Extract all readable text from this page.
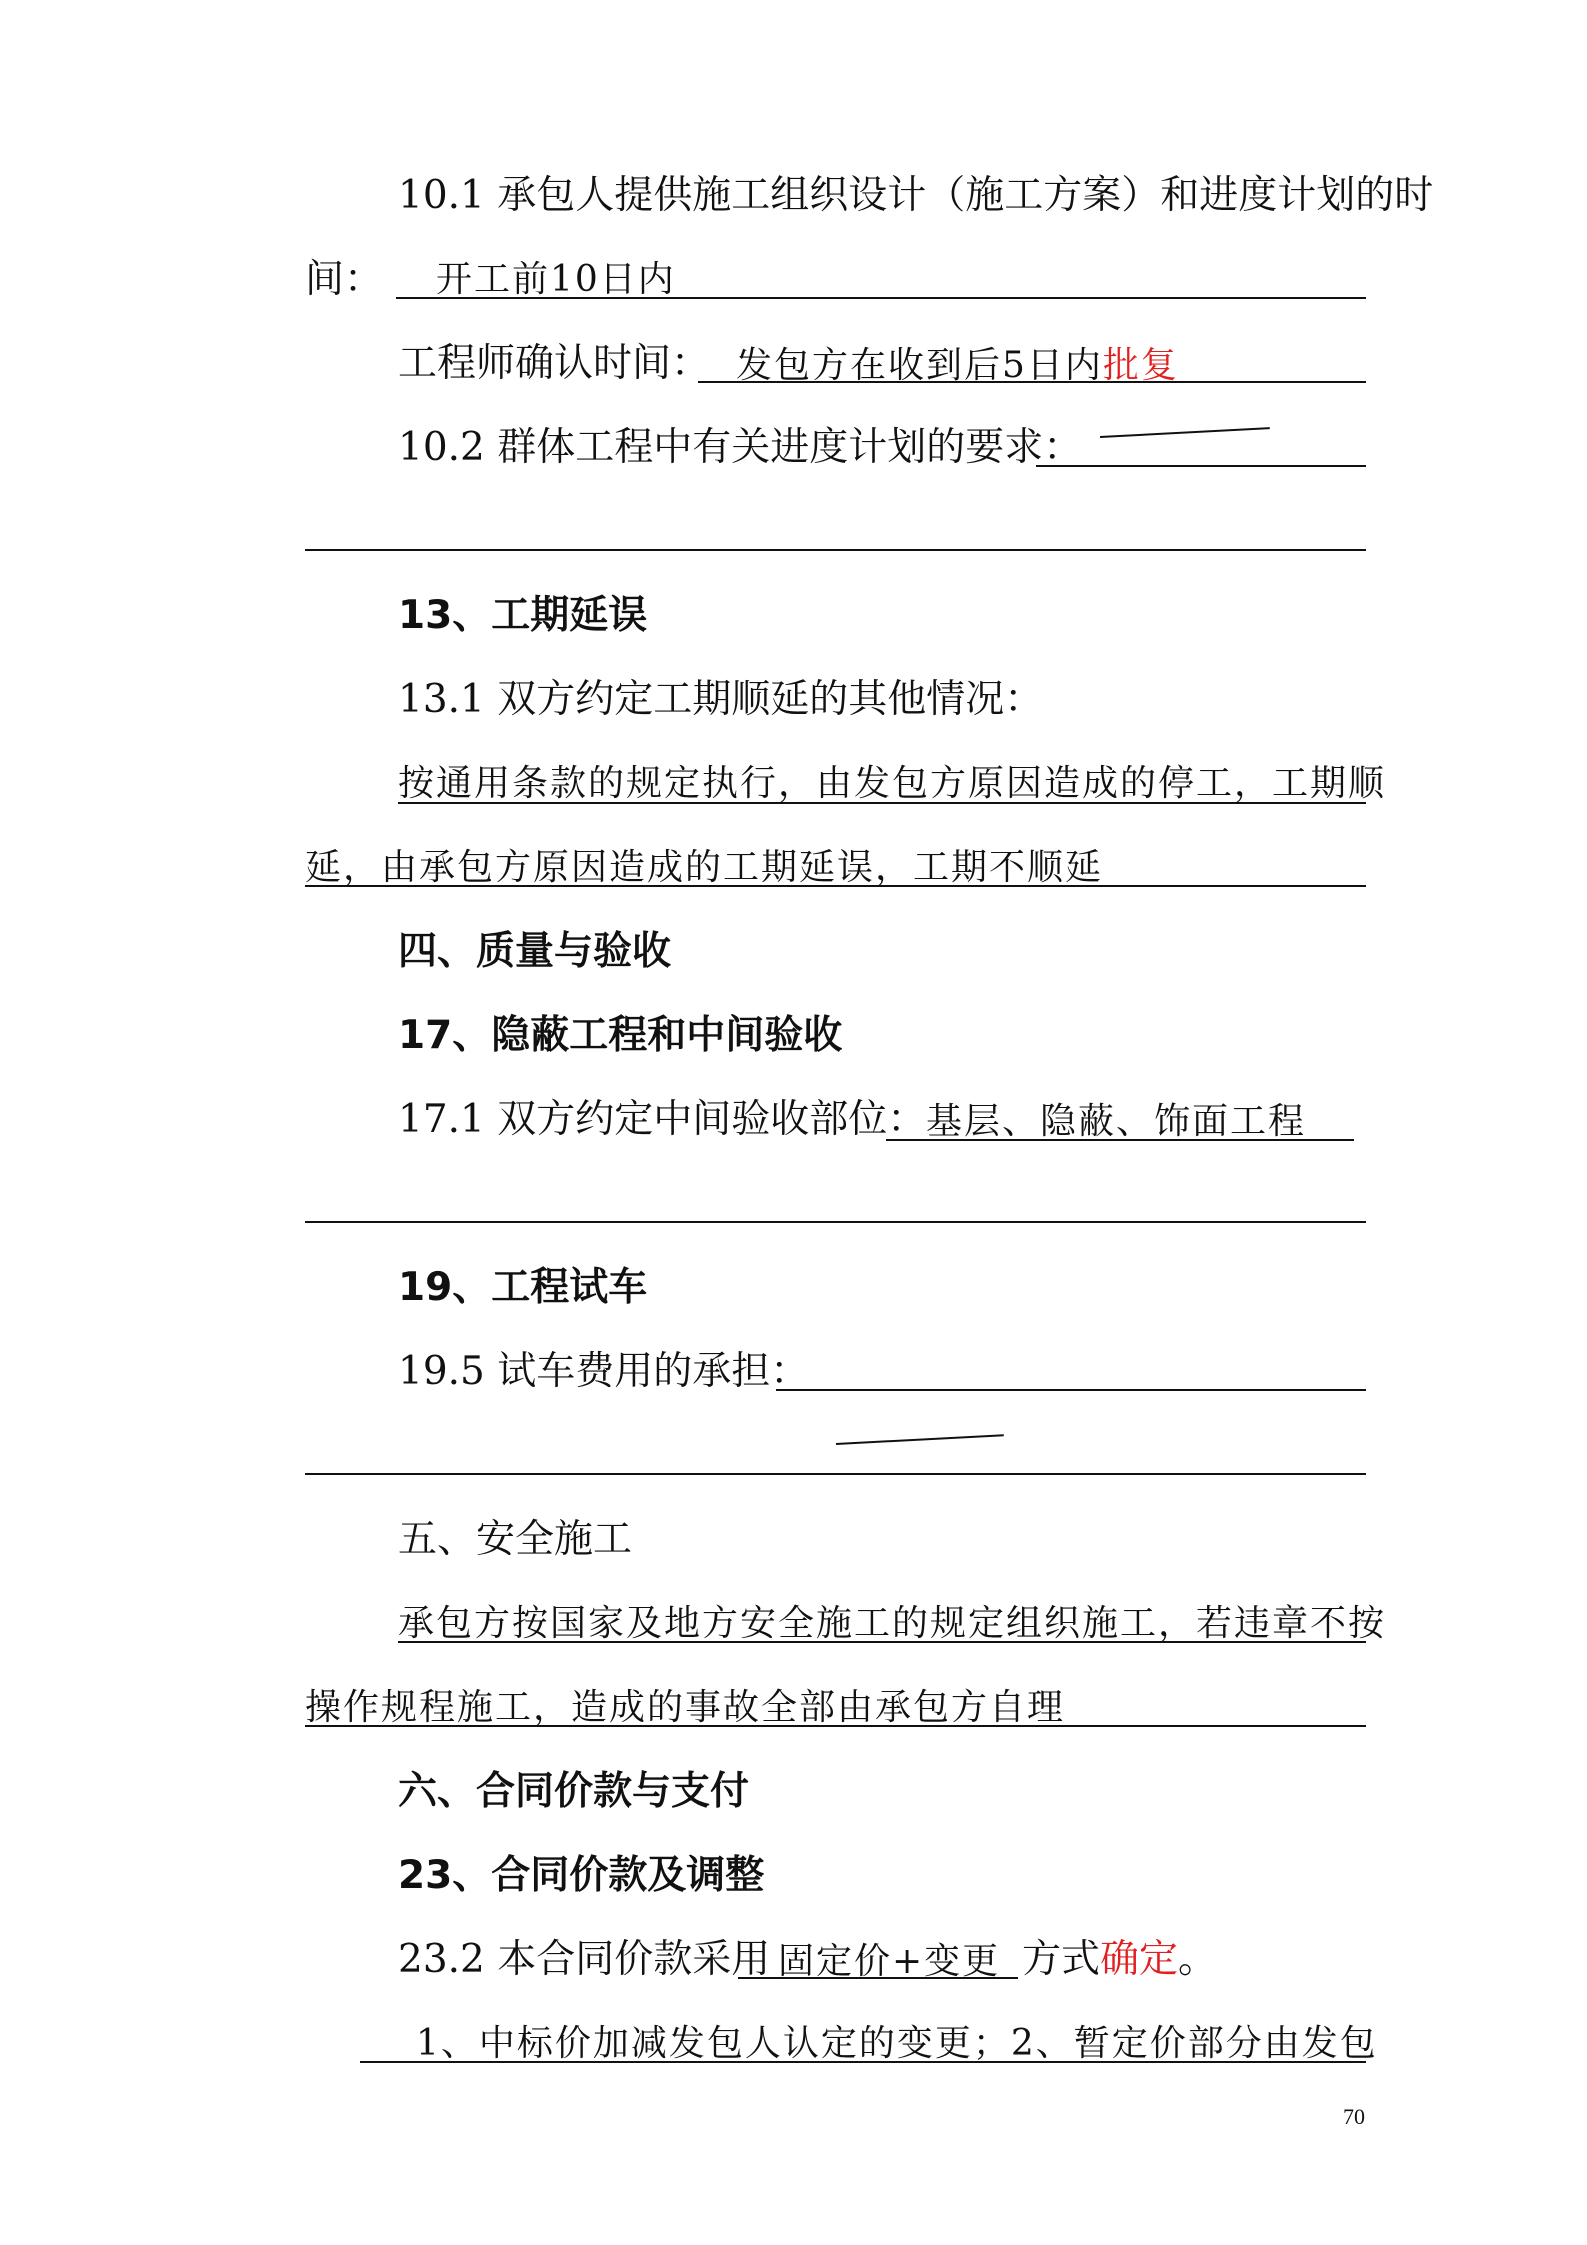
10.1 承包人提供施工组织设计（施工方案）和进度计划的时
间： 开工前10日内
工程师确认时间： 发包方在收到后5日内批复
10.2 群体工程中有关进度计划的要求：
13、工期延误
13.1 双方约定工期顺延的其他情况：
按通用条款的规定执行，由发包方原因造成的停工，工期顺
延，由承包方原因造成的工期延误，工期不顺延
四、质量与验收
17、隐蔽工程和中间验收
17.1 双方约定中间验收部位： 基层、隐蔽、饰面工程
19、工程试车
19.5 试车费用的承担：
五、安全施工
承包方按国家及地方安全施工的规定组织施工，若违章不按
操作规程施工，造成的事故全部由承包方自理
六、合同价款与支付
23、合同价款及调整
23.2 本合同价款采用 固定价+变更 方式确定。
1、中标价加减发包人认定的变更；2、暂定价部分由发包
70
